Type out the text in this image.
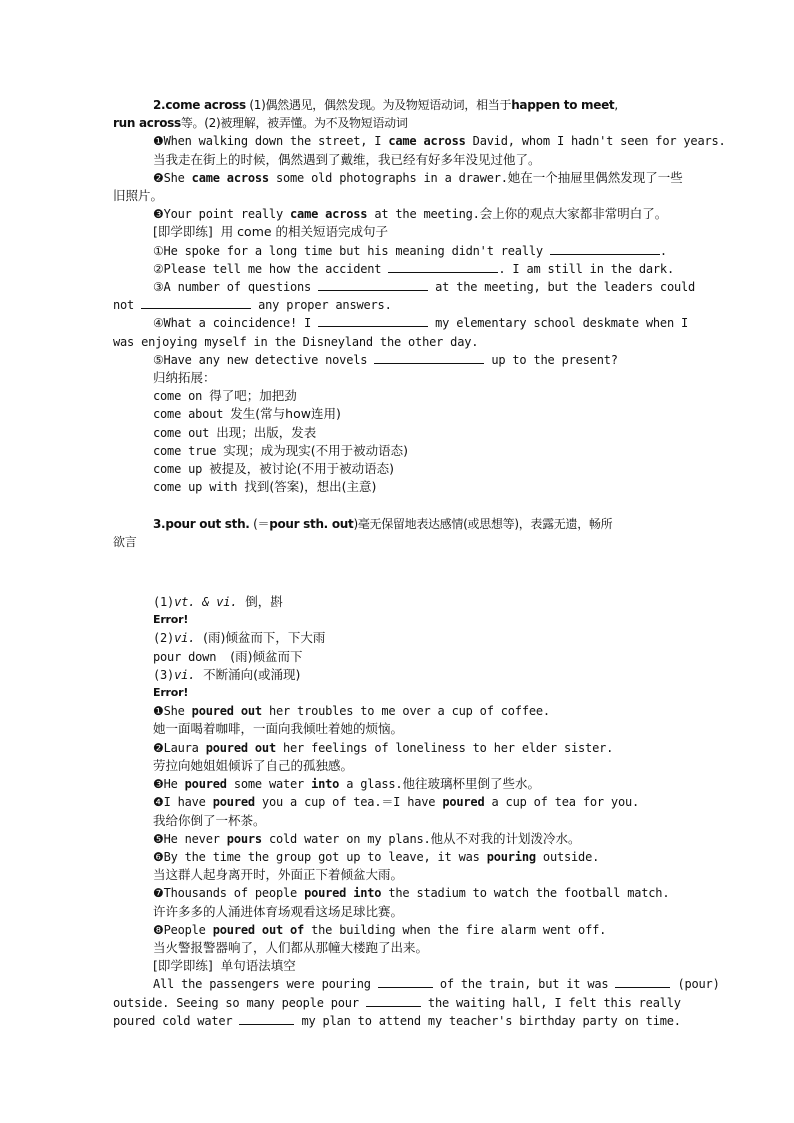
2.come across (1)偶然遇见，偶然发现。为及物短语动词，相当于happen to meet,

run across等。(2)被理解，被弄懂。为不及物短语动词

❶When walking down the street, I came across David, whom I hadn't seen for years.

当我走在街上的时候，偶然遇到了戴维，我已经有好多年没见过他了。

❷She came across some old photographs in a drawer.她在一个抽屉里偶然发现了一些

旧照片。

❸Your point really came across at the meeting.会上你的观点大家都非常明白了。

[即学即练]  用 come 的相关短语完成句子

①He spoke for a long time but his meaning didn't really	.

②Please tell me how the accident	. I am still in the dark.

③A number of questions	at the meeting, but the leaders could

not	any proper answers.

④What a coincidence! I	my elementary school deskmate when I

was enjoying myself in the Disneyland the other day.

⑤Have any new detective novels	up to the present?

归纳拓展：

come on 得了吧；加把劲

come about 发生(常与how连用)

come out 出现；出版，发表

come true 实现；成为现实(不用于被动语态)

come up 被提及，被讨论(不用于被动语态)

come up with 找到(答案)，想出(主意)

3.pour out sth. (＝pour sth. out)毫无保留地表达感情(或思想等)，表露无遗，畅所

欲言

(1)vt. & vi.  倒，斟

Error!

(2)vi.  (雨)倾盆而下，下大雨

pour down  (雨)倾盆而下

(3)vi.  不断涌向(或涌现)

Error!

❶She poured out her troubles to me over a cup of coffee.

她一面喝着咖啡，一面向我倾吐着她的烦恼。

❷Laura poured out her feelings of loneliness to her elder sister.

劳拉向她姐姐倾诉了自己的孤独感。

❸He poured some water into a glass.他往玻璃杯里倒了些水。

❹I have poured you a cup of tea.＝I have poured a cup of tea for you.

我给你倒了一杯茶。

❺He never pours cold water on my plans.他从不对我的计划泼冷水。

❻By the time the group got up to leave, it was pouring outside.

当这群人起身离开时，外面正下着倾盆大雨。

❼Thousands of people poured into the stadium to watch the football match.

许许多多的人涌进体育场观看这场足球比赛。

❽People poured out of the building when the fire alarm went off.

当火警报警器响了，人们都从那幢大楼跑了出来。

[即学即练]  单句语法填空

All the passengers were pouring	of the train, but it was	(pour)

outside. Seeing so many people pour	the waiting hall, I felt this really

poured cold water	my plan to attend my teacher's birthday party on time.
